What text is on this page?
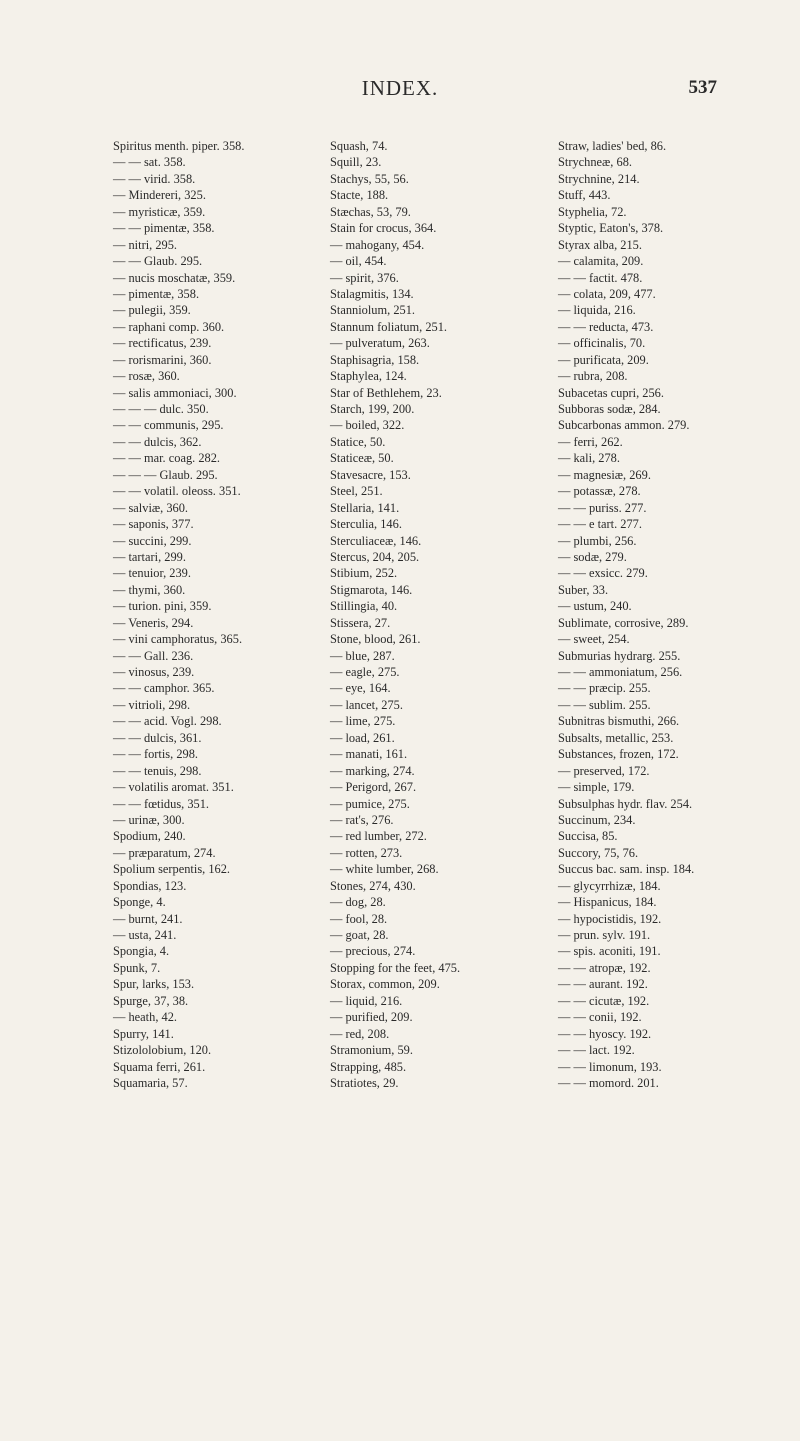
INDEX.	537
Spiritus menth. piper. 358.
— — sat. 358.
— — virid. 358.
— Mindereri, 325.
— myristicæ, 359.
— — pimentæ, 358.
— nitri, 295.
— — Glaub. 295.
— nucis moschatæ, 359.
— pimentæ, 358.
— pulegii, 359.
— raphani comp. 360.
— rectificatus, 239.
— rorismarini, 360.
— rosæ, 360.
— salis ammoniaci, 300.
— — — dulc. 350.
— — communis, 295.
— — dulcis, 362.
— — mar. coag. 282.
— — — Glaub. 295.
— — volatil. oleoss. 351.
— salviæ, 360.
— saponis, 377.
— succini, 299.
— tartari, 299.
— tenuior, 239.
— thymi, 360.
— turion. pini, 359.
— Veneris, 294.
— vini camphoratus, 365.
— — Gall. 236.
— vinosus, 239.
— — camphor. 365.
— vitrioli, 298.
— — acid. Vogl. 298.
— — dulcis, 361.
— — fortis, 298.
— — tenuis, 298.
— volatilis aromat. 351.
— — fœtidus, 351.
— urinæ, 300.
Spodium, 240.
— præparatum, 274.
Spolium serpentis, 162.
Spondias, 123.
Sponge, 4.
— burnt, 241.
— usta, 241.
Spongia, 4.
Spunk, 7.
Spur, larks, 153.
Spurge, 37, 38.
— heath, 42.
Spurry, 141.
Stizololobium, 120.
Squama ferri, 261.
Squamaria, 57.
Squash, 74.
Squill, 23.
Stachys, 55, 56.
Stacte, 188.
Stæchas, 53, 79.
Stain for crocus, 364.
— mahogany, 454.
— oil, 454.
— spirit, 376.
Stalagmitis, 134.
Stanniolum, 251.
Stannum foliatum, 251.
— pulveratum, 263.
Staphisagria, 158.
Staphylea, 124.
Star of Bethlehem, 23.
Starch, 199, 200.
— boiled, 322.
Statice, 50.
Staticeæ, 50.
Stavesacre, 153.
Steel, 251.
Stellaria, 141.
Sterculia, 146.
Sterculiaceæ, 146.
Stercus, 204, 205.
Stibium, 252.
Stigmarota, 146.
Stillingia, 40.
Stissera, 27.
Stone, blood, 261.
— blue, 287.
— eagle, 275.
— eye, 164.
— lancet, 275.
— lime, 275.
— load, 261.
— manati, 161.
— marking, 274.
— Perigord, 267.
— pumice, 275.
— rat's, 276.
— red lumber, 272.
— rotten, 273.
— white lumber, 268.
Stones, 274, 430.
— dog, 28.
— fool, 28.
— goat, 28.
— precious, 274.
Stopping for the feet, 475.
Storax, common, 209.
— liquid, 216.
— purified, 209.
— red, 208.
Stramonium, 59.
Strapping, 485.
Stratiotes, 29.
Straw, ladies' bed, 86.
Strychneæ, 68.
Strychnine, 214.
Stuff, 443.
Styphelia, 72.
Styptic, Eaton's, 378.
Styrax alba, 215.
— calamita, 209.
— — factit. 478.
— colata, 209, 477.
— liquida, 216.
— — reducta, 473.
— officinalis, 70.
— purificata, 209.
— rubra, 208.
Subacetas cupri, 256.
Subboras sodæ, 284.
Subcarbonas ammon. 279.
— ferri, 262.
— kali, 278.
— magnesiæ, 269.
— potassæ, 278.
— — puriss. 277.
— — e tart. 277.
— plumbi, 256.
— sodæ, 279.
— — exsicc. 279.
Suber, 33.
— ustum, 240.
Sublimate, corrosive, 289.
— sweet, 254.
Submurias hydrarg. 255.
— — ammoniatum, 256.
— — præcip. 255.
— — sublim. 255.
Subnitras bismuthi, 266.
Subsalts, metallic, 253.
Substances, frozen, 172.
— preserved, 172.
— simple, 179.
Subsulphas hydr. flav. 254.
Succinum, 234.
Succisa, 85.
Succory, 75, 76.
Succus bac. sam. insp. 184.
— glycyrrhizæ, 184.
— Hispanicus, 184.
— hypocistidis, 192.
— prun. sylv. 191.
— spis. aconiti, 191.
— — atropæ, 192.
— — aurant. 192.
— — cicutæ, 192.
— — conii, 192.
— — hyoscy. 192.
— — lact. 192.
— — limonum, 193.
— — momord. 201.
